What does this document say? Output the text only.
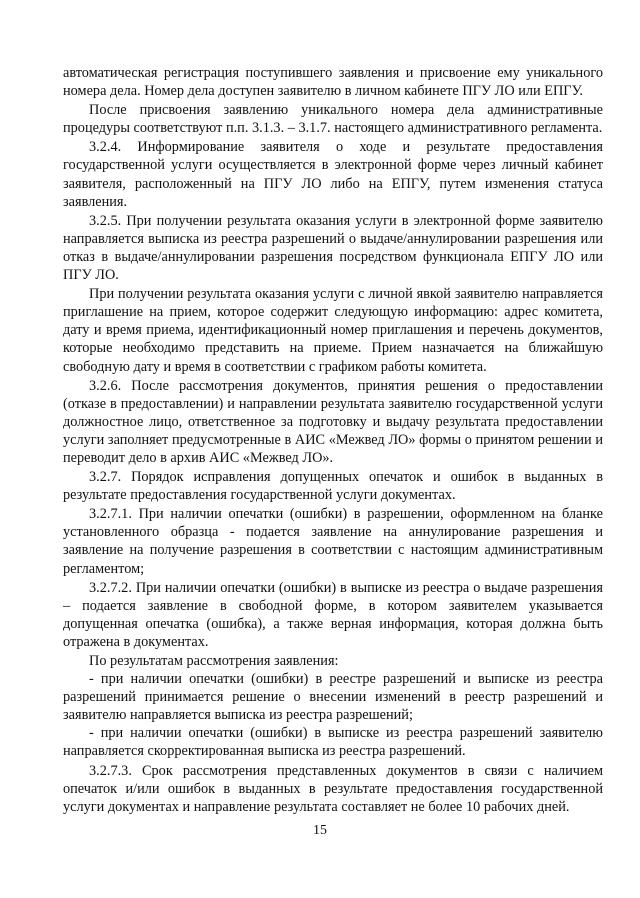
автоматическая регистрация поступившего заявления и присвоение ему уникального номера дела. Номер дела доступен заявителю в личном кабинете ПГУ ЛО или ЕПГУ.

После присвоения заявлению уникального номера дела административные процедуры соответствуют п.п. 3.1.3. – 3.1.7. настоящего административного регламента.

3.2.4. Информирование заявителя о ходе и результате предоставления государственной услуги осуществляется в электронной форме через личный кабинет заявителя, расположенный на ПГУ ЛО либо на ЕПГУ, путем изменения статуса заявления.

3.2.5. При получении результата оказания услуги в электронной форме заявителю направляется выписка из реестра разрешений о выдаче/аннулировании разрешения или отказ в выдаче/аннулировании разрешения посредством функционала ЕПГУ ЛО или ПГУ ЛО.

При получении результата оказания услуги с личной явкой заявителю направляется приглашение на прием, которое содержит следующую информацию: адрес комитета, дату и время приема, идентификационный номер приглашения и перечень документов, которые необходимо представить на приеме. Прием назначается на ближайшую свободную дату и время в соответствии с графиком работы комитета.

3.2.6. После рассмотрения документов, принятия решения о предоставлении (отказе в предоставлении) и направлении результата заявителю государственной услуги должностное лицо, ответственное за подготовку и выдачу результата предоставлении услуги заполняет предусмотренные в АИС «Межвед ЛО» формы о принятом решении и переводит дело в архив АИС «Межвед ЛО».

3.2.7. Порядок исправления допущенных опечаток и ошибок в выданных в результате предоставления государственной услуги документах.

3.2.7.1. При наличии опечатки (ошибки) в разрешении, оформленном на бланке установленного образца - подается заявление на аннулирование разрешения и заявление на получение разрешения в соответствии с настоящим административным регламентом;

3.2.7.2. При наличии опечатки (ошибки) в выписке из реестра о выдаче разрешения – подается заявление в свободной форме, в котором заявителем указывается допущенная опечатка (ошибка), а также верная информация, которая должна быть отражена в документах.

По результатам рассмотрения заявления:

- при наличии опечатки (ошибки) в реестре разрешений и выписке из реестра разрешений принимается решение о внесении изменений в реестр разрешений и заявителю направляется выписка из реестра разрешений;

- при наличии опечатки (ошибки) в выписке из реестра разрешений заявителю направляется скорректированная выписка из реестра разрешений.

3.2.7.3. Срок рассмотрения представленных документов в связи с наличием опечаток и/или ошибок в выданных в результате предоставления государственной услуги документах и направление результата составляет не более 10 рабочих дней.

15
